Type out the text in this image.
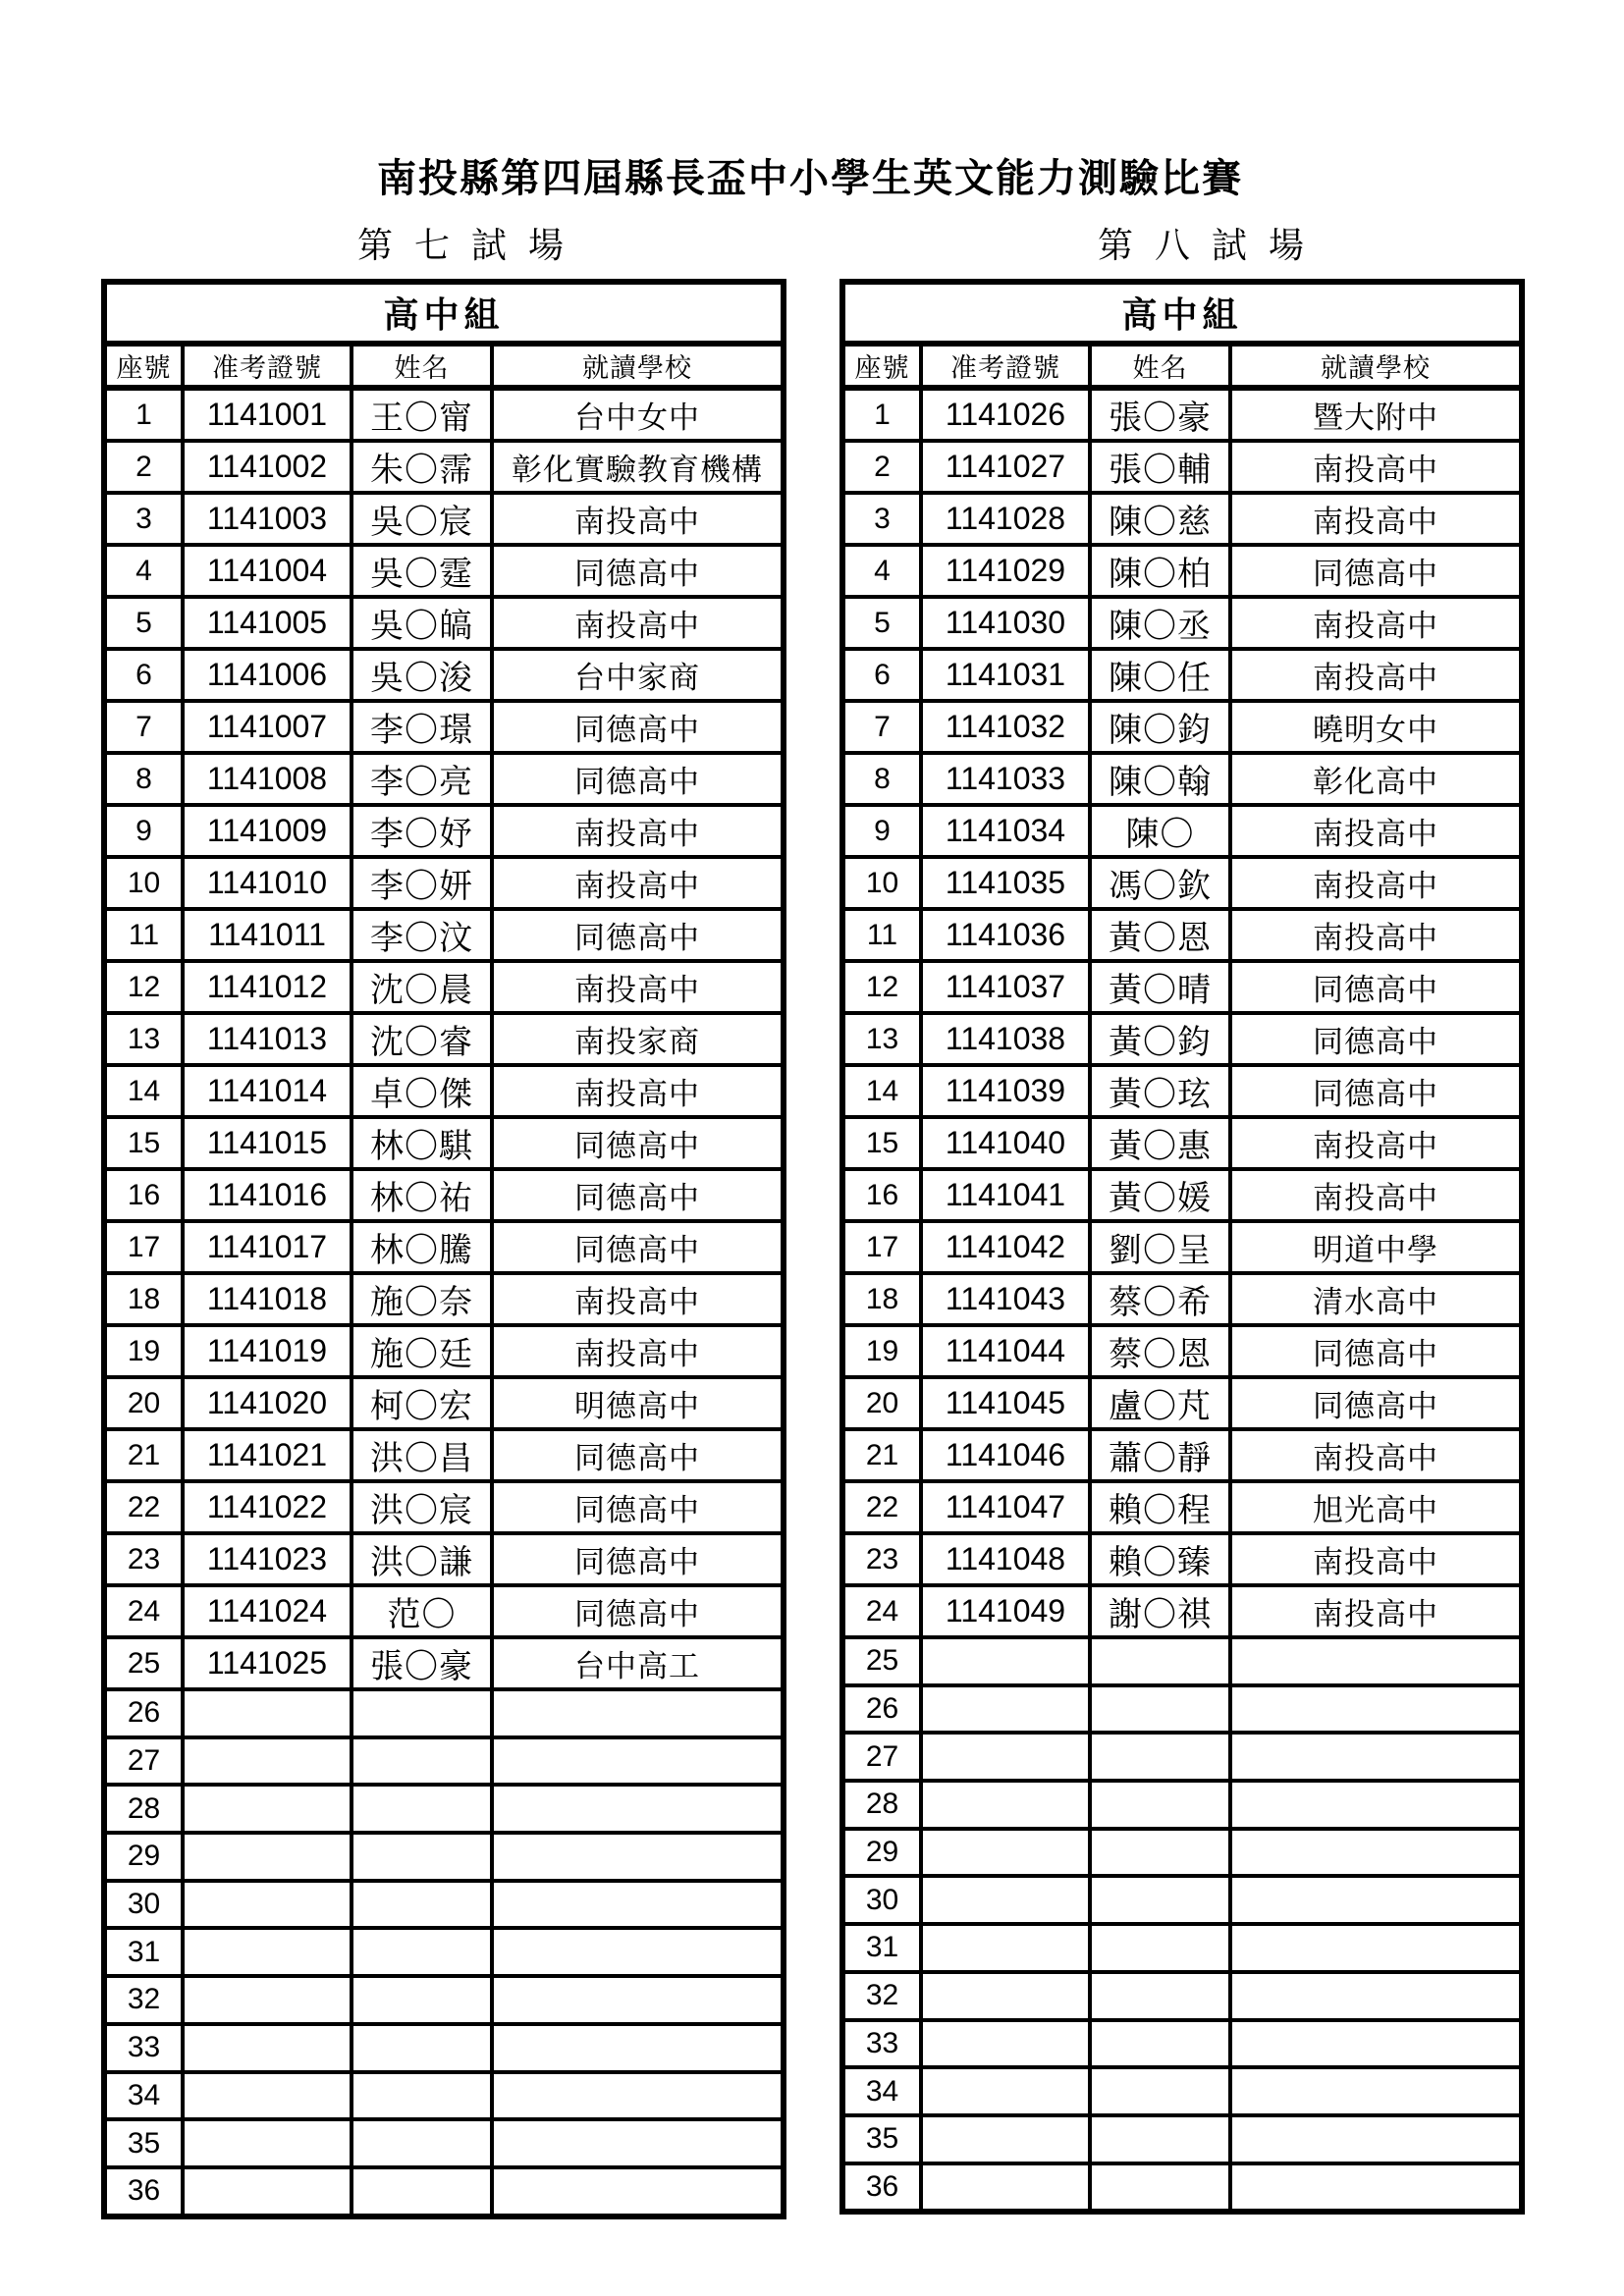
南投縣第四屆縣長盃中小學生英文能力測驗比賽
第七試場	第八試場
高中組			
座號	准考證號	姓名	就讀學校
1	1141001	王〇甯	台中女中
2	1141002	朱〇霈	彰化實驗教育機構
3	1141003	吳〇宸	南投高中
4	1141004	吳〇霆	同德高中
5	1141005	吳〇皜	南投高中
6	1141006	吳〇浚	台中家商
7	1141007	李〇璟	同德高中
8	1141008	李〇亮	同德高中
9	1141009	李〇妤	南投高中
10	1141010	李〇妍	南投高中
11	1141011	李〇汶	同德高中
12	1141012	沈〇晨	南投高中
13	1141013	沈〇睿	南投家商
14	1141014	卓〇傑	南投高中
15	1141015	林〇騏	同德高中
16	1141016	林〇祐	同德高中
17	1141017	林〇騰	同德高中
18	1141018	施〇奈	南投高中
19	1141019	施〇廷	南投高中
20	1141020	柯〇宏	明德高中
21	1141021	洪〇昌	同德高中
22	1141022	洪〇宸	同德高中
23	1141023	洪〇謙	同德高中
24	1141024	范〇	同德高中
25	1141025	張〇豪	台中高工
26			
27			
28			
29			
30			
31			
32			
33			
34			
35			
36			
高中組			
座號	准考證號	姓名	就讀學校
1	1141026	張〇豪	暨大附中
2	1141027	張〇輔	南投高中
3	1141028	陳〇慈	南投高中
4	1141029	陳〇柏	同德高中
5	1141030	陳〇丞	南投高中
6	1141031	陳〇任	南投高中
7	1141032	陳〇鈞	曉明女中
8	1141033	陳〇翰	彰化高中
9	1141034	陳〇	南投高中
10	1141035	馮〇欽	南投高中
11	1141036	黃〇恩	南投高中
12	1141037	黃〇晴	同德高中
13	1141038	黃〇鈞	同德高中
14	1141039	黃〇玹	同德高中
15	1141040	黃〇惠	南投高中
16	1141041	黃〇媛	南投高中
17	1141042	劉〇呈	明道中學
18	1141043	蔡〇希	清水高中
19	1141044	蔡〇恩	同德高中
20	1141045	盧〇芃	同德高中
21	1141046	蕭〇靜	南投高中
22	1141047	賴〇程	旭光高中
23	1141048	賴〇臻	南投高中
24	1141049	謝〇祺	南投高中
25			
26			
27			
28			
29			
30			
31			
32			
33			
34			
35			
36			
